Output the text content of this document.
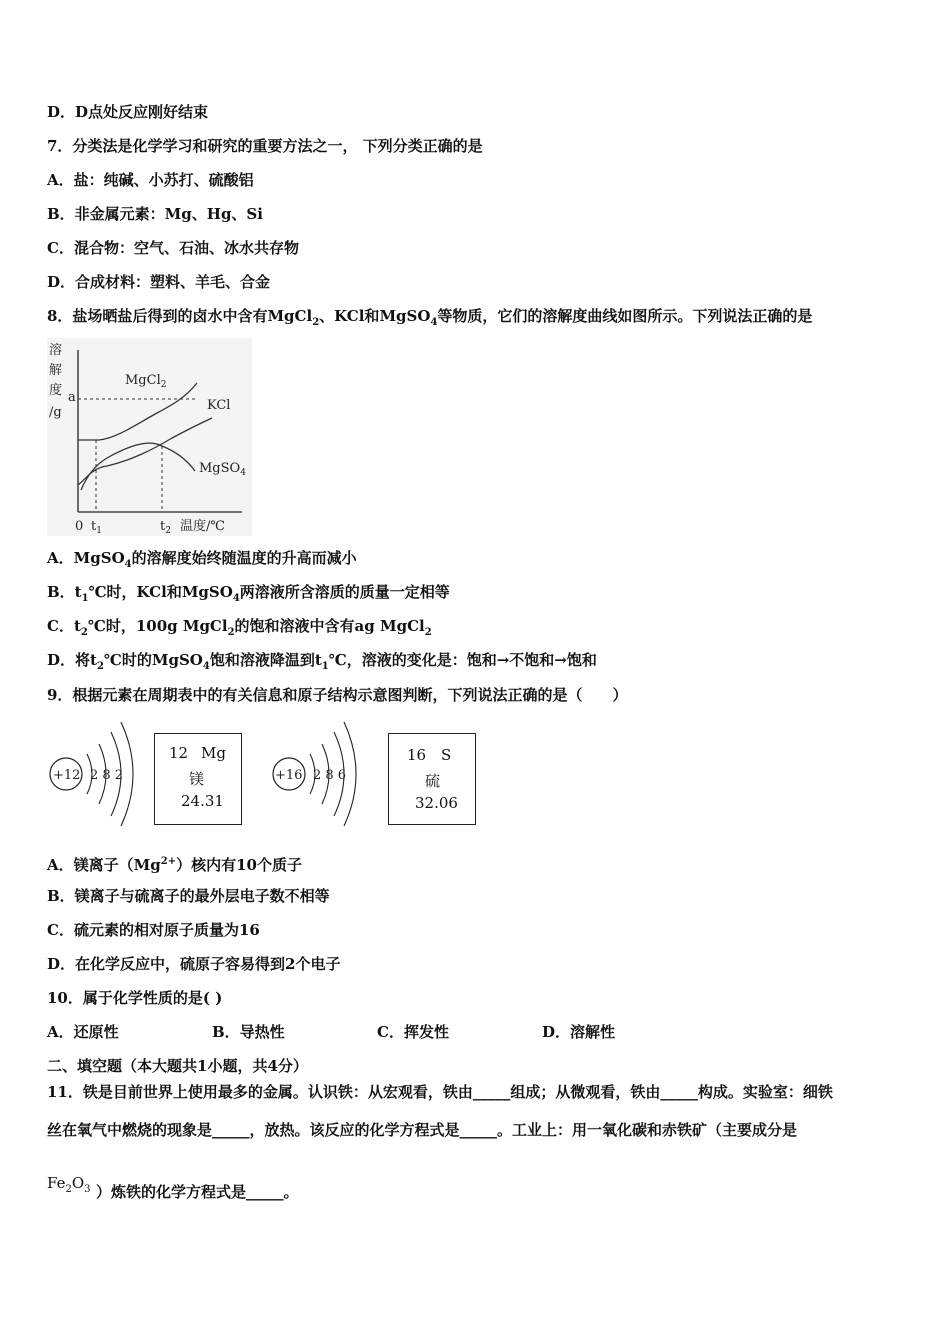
D．D点处反应刚好结束
7．分类法是化学学习和研究的重要方法之一， 下列分类正确的是
A．盐：纯碱、小苏打、硫酸铝
B．非金属元素：Mg、Hg、Si
C．混合物：空气、石油、冰水共存物
D．合成材料：塑料、羊毛、合金
8．盐场晒盐后得到的卤水中含有MgCl$_2$、KCl和MgSO$_4$等物质，它们的溶解度曲线如图所示。下列说法正确的是
溶
解
度
/g
a
MgCl$_2$
KCl
MgSO$_4$
0 $t_1$	$t_2$ 温度/℃
A．MgSO$_4$的溶解度始终随温度的升高而减小
B．$t_1℃$时，KCl和MgSO$_4$两溶液所含溶质的质量一定相等
C．$t_2℃$时，100g MgCl$_2$的饱和溶液中含有ag MgCl$_2$
D．将$t_2℃$时的MgSO$_4$饱和溶液降温到$t_1℃$，溶液的变化是：饱和→不饱和→饱和
9．根据元素在周期表中的有关信息和原子结构示意图判断，下列说法正确的是（　　）
+12 2 8 2
12 Mg
镁
24.31
+16 2 8 6
16 S
硫
32.06
A．镁离子$(Mg^{2+})$核内有10个质子
B．镁离子与硫离子的最外层电子数不相等
C．硫元素的相对原子质量为16
D．在化学反应中，硫原子容易得到2个电子
10．属于化学性质的是( )
A．还原性	B．导热性	C．挥发性	D．溶解性
二、填空题（本大题共1小题，共4分）
11．铁是目前世界上使用最多的金属。认识铁：从宏观看，铁由_____组成；从微观看，铁由_____构成。实验室：细铁
丝在氧气中燃烧的现象是_____，放热。该反应的化学方程式是_____。工业上：用一氧化碳和赤铁矿（主要成分是
$Fe_2O_3$ ）炼铁的化学方程式是_____。
